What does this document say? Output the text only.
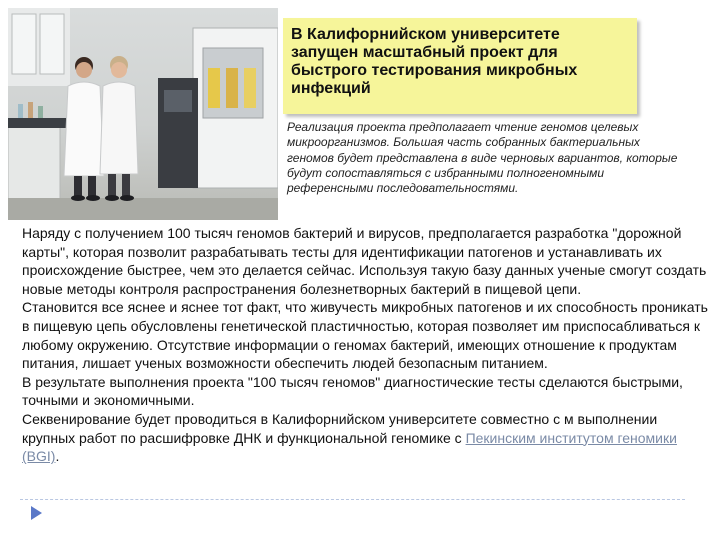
В Калифорнийском университете запущен масштабный проект для быстрого тестирования микробных инфекций
Реализация проекта предполагает чтение геномов целевых микроорганизмов. Большая часть собранных бактериальных геномов будет представлена в виде черновых вариантов, которые будут сопоставляться с избранными полногеномными референсными последовательностями.

Наряду с получением 100 тысяч геномов бактерий и вирусов, предполагается разработка "дорожной карты", которая позволит разрабатывать тесты для идентификации патогенов и устанавливать их происхождение быстрее, чем это делается сейчас. Используя такую базу данных ученые смогут создать новые методы контроля распространения болезнетворных бактерий в пищевой цепи.

Становится все яснее и яснее тот факт, что живучесть микробных патогенов и их способность проникать в пищевую цепь обусловлены генетической пластичностью, которая позволяет им приспосабливаться к любому окружению. Отсутствие информации о геномах бактерий, имеющих отношение к продуктам питания, лишает ученых возможности обеспечить людей безопасным питанием.

В результате выполнения проекта "100 тысяч геномов" диагностические тесты сделаются быстрыми, точными и экономичными.

Секвенирование будет проводиться в Калифорнийском университете совместно с м выполнении крупных работ по расшифровке ДНК и функциональной геномике с Пекинским институтом геномики (BGI).
